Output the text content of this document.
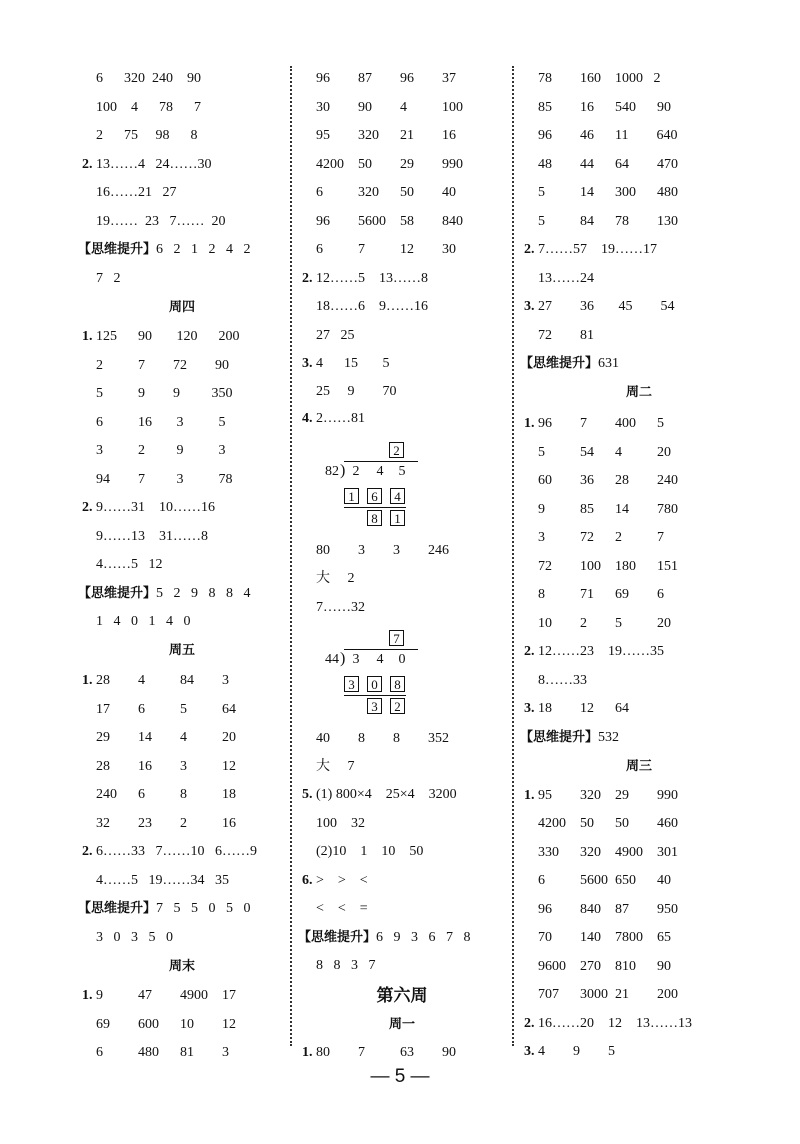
6      320  240    90
100    4      78      7
2      75     98      8
2. 13……4   24……30
16……21   27
19……  23   7……  20
【思维提升】6   2   1   2   4   2
7   2
周四
1. 125      90       120      200
2          7        72        90
5          9        9         350
6          16       3          5
3          2         9          3
94        7         3          78
2. 9……31    10……16
9……13    31……8
4……5   12
【思维提升】5   2   9   8   8   4
1   4   0   1   4   0
周五
1. 28        4          84        3
17        6          5          64
29        14        4          20
28        16        3          12
240      6          8          18
32        23        2          16
2. 6……33   7……10   6……9
4……5   19……34   35
【思维提升】7   5   5   0   5   0
3   0   3   5   0
周末
1. 9          47        4900    17
69        600      10        12
6          480      81        3
96        87        96        37
30        90        4          100
95        320      21        16
4200    50        29        990
6          320      50        40
96        5600    58        840
6          7          12        30
2. 12……5    13……8
18……6    9……16
27   25
3. 4      15       5
25     9        70
4. 2……81
2
82 ) 2	4	5
1	6	4
8	1
80        3        3        246
大     2
7……32
7
44 ) 3	4	0
3	0	8
3	2
40        8        8        352
大     7
5. (1) 800×4    25×4    3200
100    32
(2)10    1    10    50
6. >    >    <
<    <    =
【思维提升】6   9   3   6   7   8
8   8   3   7
第六周
周一
1. 80        7          63        90
78        160    1000   2
85        16      540      90
96        46      11        640
48        44      64        470
5          14      300      480
5          84      78        130
2. 7……57    19……17
13……24
3. 27        36       45        54
72        81
【思维提升】631
周二
1. 96        7        400      5
5          54      4          20
60        36      28        240
9          85      14        780
3          72      2          7
72        100    180      151
8          71      69        6
10        2        5          20
2. 12……23    19……35
8……33
3. 18        12      64
【思维提升】532
周三
1. 95        320    29        990
4200    50      50        460
330      320    4900    301
6          5600  650      40
96        840    87        950
70        140    7800    65
9600    270    810      90
707      3000  21        200
2. 16……20    12    13……13
3. 4        9        5
— 5 —
